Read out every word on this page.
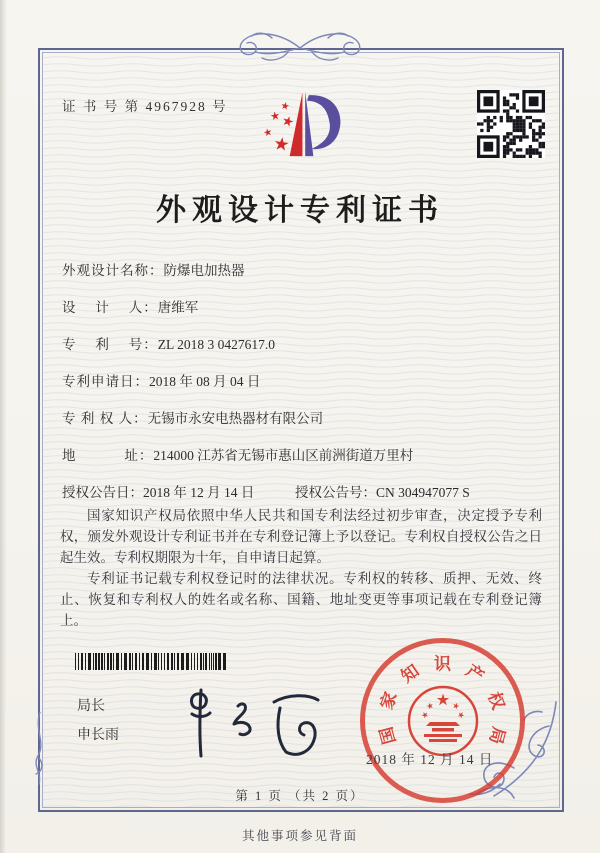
证 书 号 第 4967928 号
外观设计专利证书
外观设计名称：防爆电加热器
设　 计　 人：唐维军
专　 利　 号：ZL 2018 3 0427617.0
专利申请日：2018 年 08 月 04 日
专 利 权 人：无锡市永安电热器材有限公司
地　　　 址：214000 江苏省无锡市惠山区前洲街道万里村
授权公告日：2018 年 12 月 14 日	授权公告号：CN 304947077 S

国家知识产权局依照中华人民共和国专利法经过初步审查，决定授予专利权，颁发外观设计专利证书并在专利登记簿上予以登记。专利权自授权公告之日起生效。专利权期限为十年，自申请日起算。

专利证书记载专利权登记时的法律状况。专利权的转移、质押、无效、终止、恢复和专利权人的姓名或名称、国籍、地址变更等事项记载在专利登记簿上。

局长
申长雨	国
家
知 识 产
权
局
2018 年 12 月 14 日
第 1 页 （共 2 页）
其他事项参见背面
